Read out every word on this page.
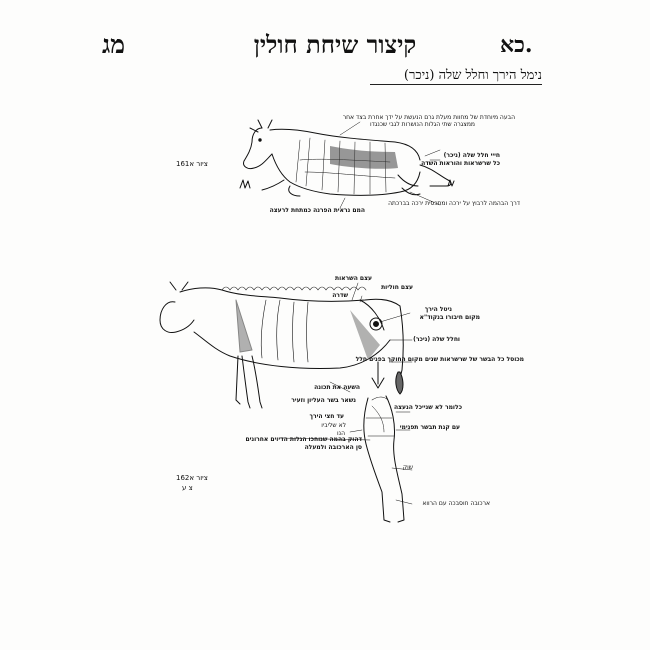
מג	קיצור שיחת חולין	כא.
נימל הירך וחלל שלה (ניכר)
ציור א161
הבעה מיוחדת של מחוות מעלת גרם הנעשת על ידך אחרת בצד אחר
ממצגרה שתי הגלות הנושרות לגבי שכנגדו
חייי חלל שלה (ניכר)
כל שרשראות והוראות השדה
דרך הבהמה לרבוץ על ירכה ומתכסית ירכה בברכתה
המם נראית הפרנה כמתחת לרעצה
עצם השראות
עצם חוליות
שדרה
ניטל הירך
מקום חיבורו בנקוד"א
וחלל שלה (ניכר)
מכוסל כל הבשר של שרשראות שנים מקום החוקך בפנים חלל
השעה את תכונה
נשאר בשר העליון וזעיר
כלומר לא שנייכל הנעצה
עד חצי הירך
עם קנת תבשר תפנימי
לא שליביו
הנו
דהוק בהמה שנוחכו הגלות הדיוים אחרונים
סן הארכובה ולמעלה
שוק
ארכובה חוסבכה עם הרווא
ציור א162
צ ע
